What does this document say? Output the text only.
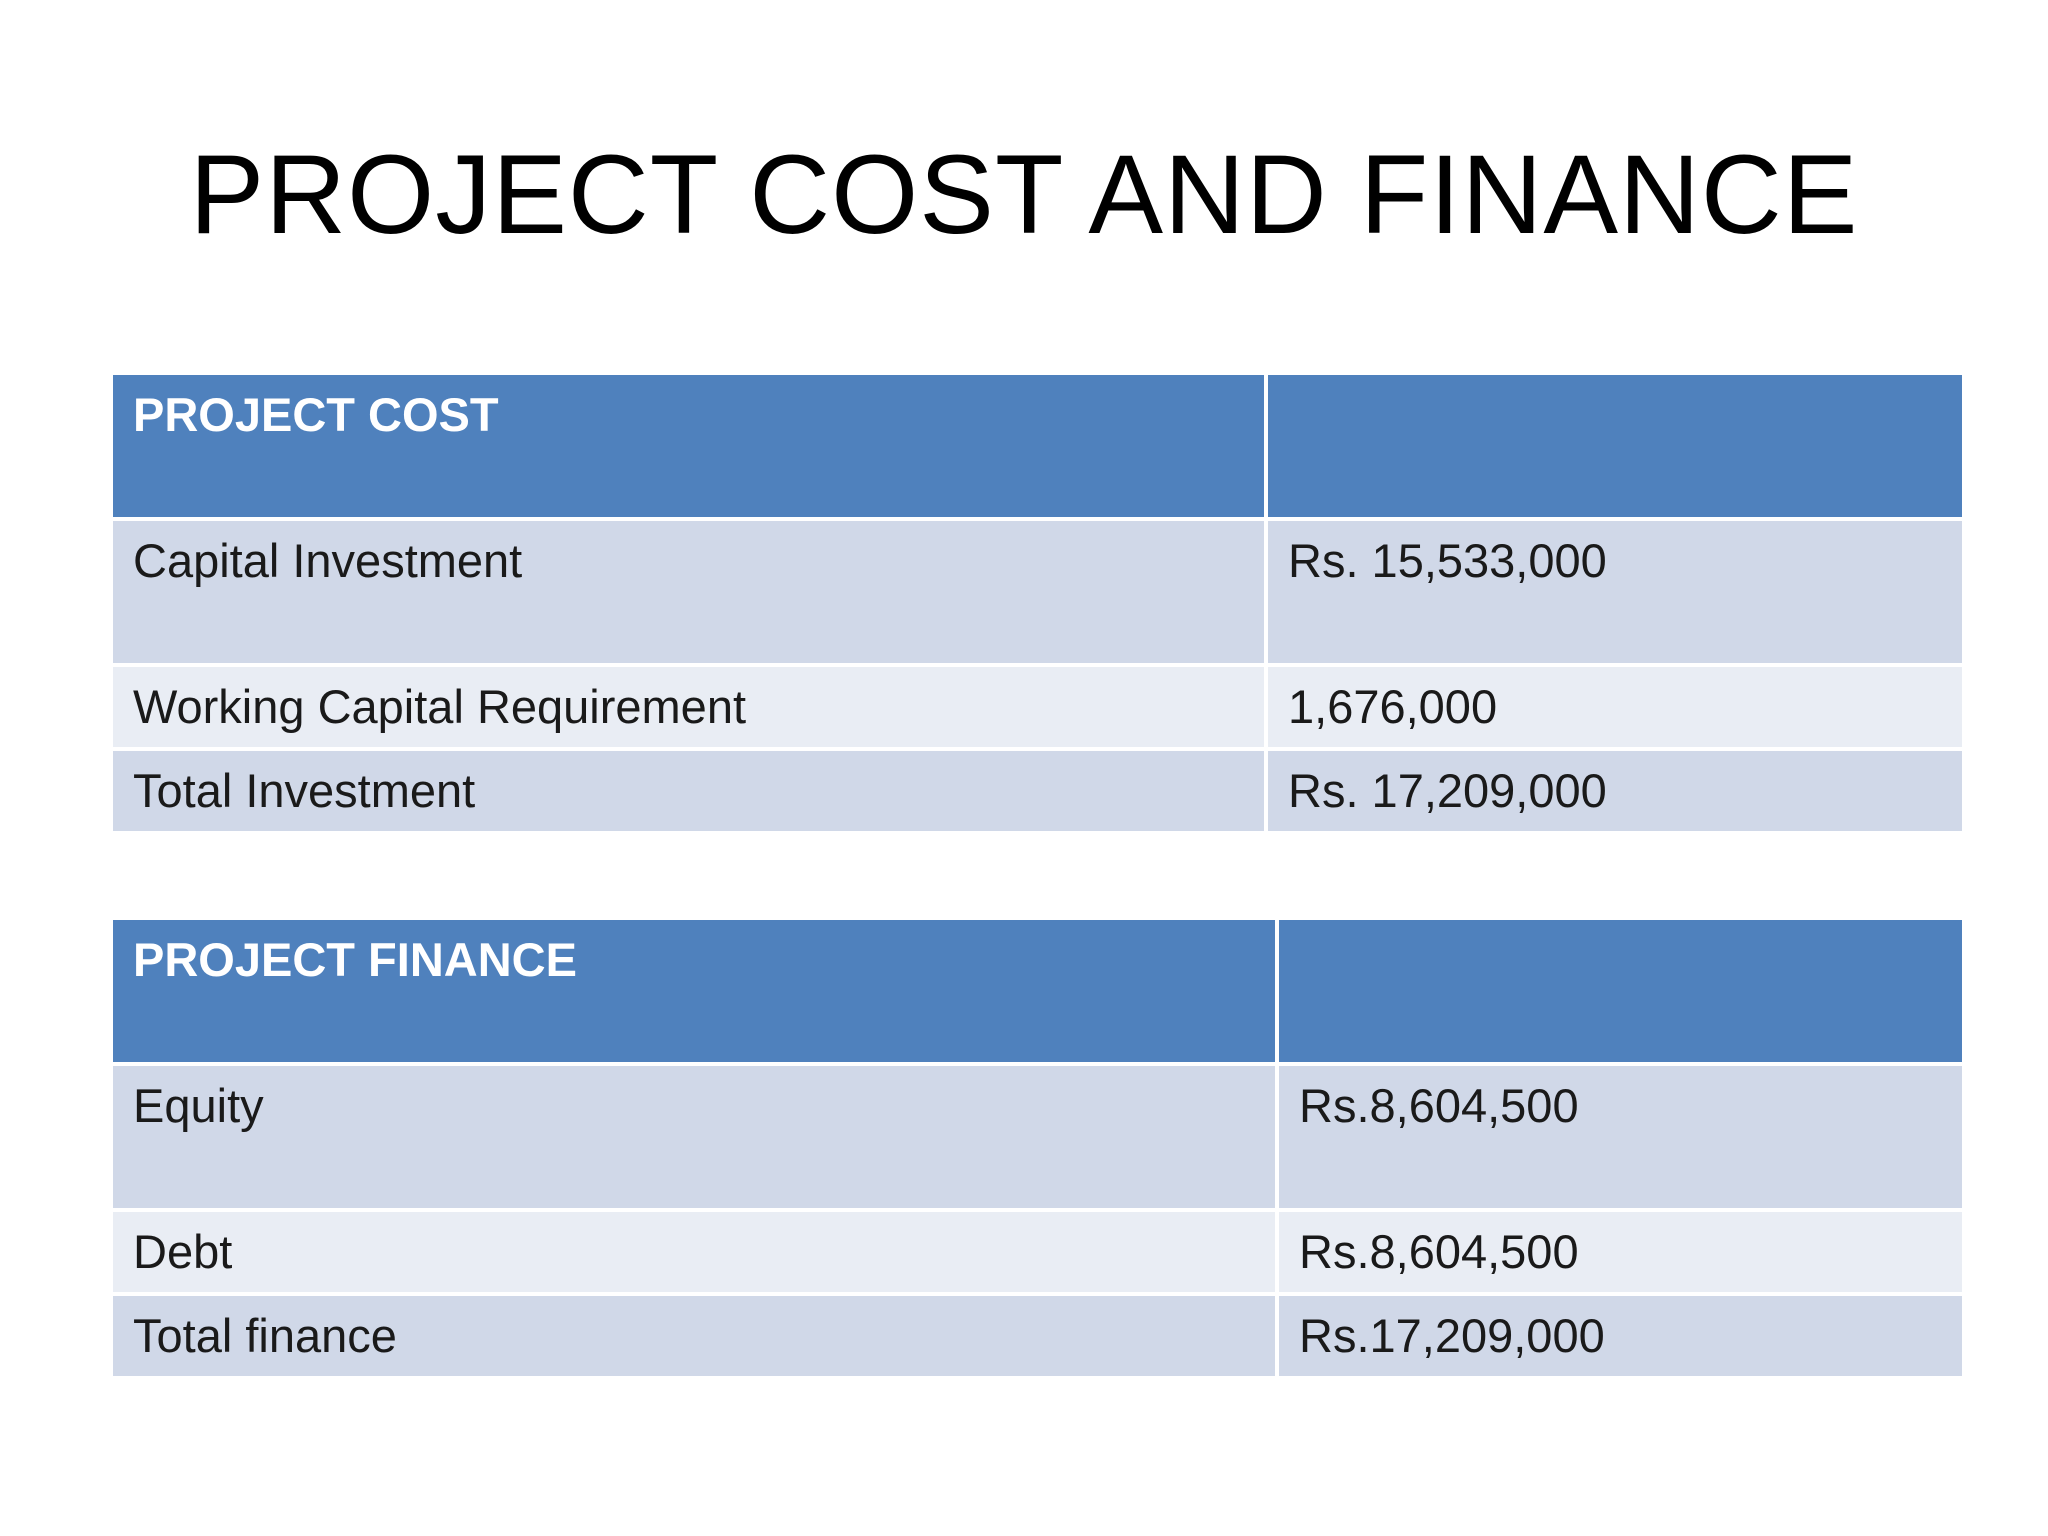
PROJECT COST AND FINANCE
PROJECT COST	
Capital Investment	Rs. 15,533,000
Working Capital Requirement	1,676,000
Total Investment	Rs. 17,209,000
PROJECT FINANCE	
Equity	Rs.8,604,500
Debt	Rs.8,604,500
Total finance	Rs.17,209,000
